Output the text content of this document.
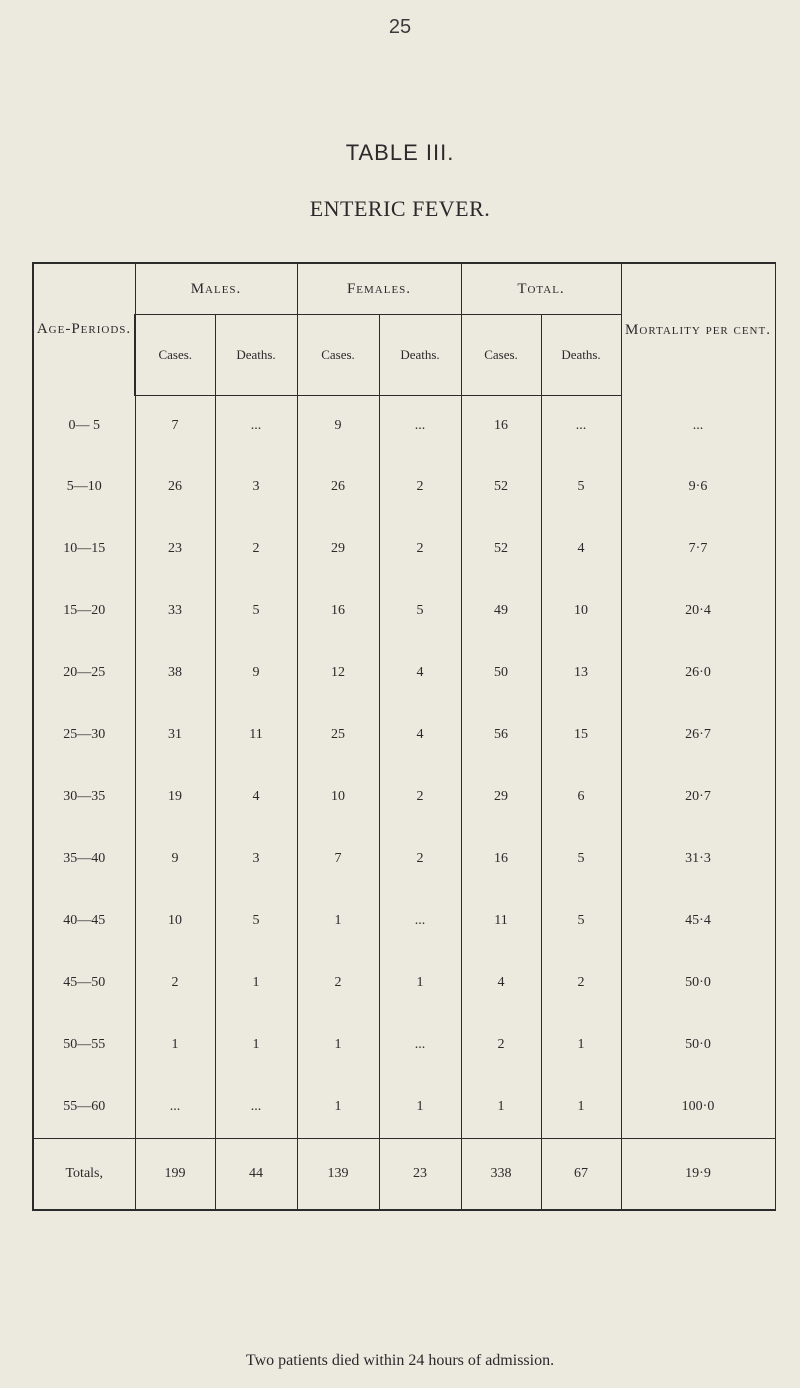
25
TABLE III.
ENTERIC FEVER.
Age-Periods.	Males.		Females.		Total.		Mortality per cent.
	Cases.	Deaths.	Cases.	Deaths.	Cases.	Deaths.	
0— 5	7	...	9	...	16	...	...
5—10	26	3	26	2	52	5	9·6
10—15	23	2	29	2	52	4	7·7
15—20	33	5	16	5	49	10	20·4
20—25	38	9	12	4	50	13	26·0
25—30	31	11	25	4	56	15	26·7
30—35	19	4	10	2	29	6	20·7
35—40	9	3	7	2	16	5	31·3
40—45	10	5	1	...	11	5	45·4
45—50	2	1	2	1	4	2	50·0
50—55	1	1	1	...	2	1	50·0
55—60	...	...	1	1	1	1	100·0
Totals,	199	44	139	23	338	67	19·9
Two patients died within 24 hours of admission.
